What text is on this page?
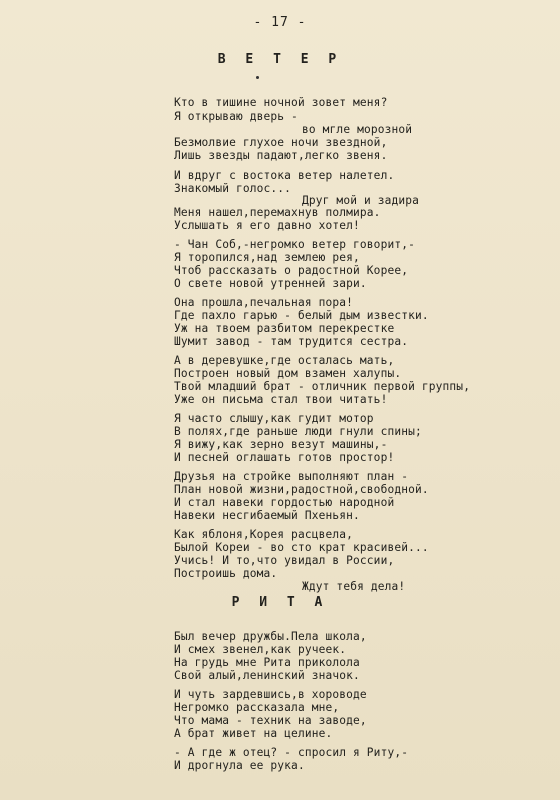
- 17 -
В Е Т Е Р
Кто в тишине ночной зовет меня?
Я открываю дверь -
во мгле морозной
Безмолвие глухое ночи звездной,
Лишь звезды падают,легко звеня.
И вдруг с востока ветер налетел.
Знакомый голос...
Друг мой и задира
Меня нашел,перемахнув полмира.
Услышать я его давно хотел!
- Чан Соб,-негромко ветер говорит,-
Я торопился,над землею рея,
Чтоб рассказать о радостной Корее,
О свете новой утренней зари.
Она прошла,печальная пора!
Где пахло гарью - белый дым известки.
Уж на твоем разбитом перекрестке
Шумит завод - там трудится сестра.
А в деревушке,где осталась мать,
Построен новый дом взамен халупы.
Твой младший брат - отличник первой группы,
Уже он письма стал твои читать!
Я часто слышу,как гудит мотор
В полях,где раньше люди гнули спины;
Я вижу,как зерно везут машины,-
И песней оглашать готов простор!
Друзья на стройке выполняют план -
План новой жизни,радостной,свободной.
И стал навеки гордостью народной
Навеки несгибаемый Пхеньян.
Как яблоня,Корея расцвела,
Былой Кореи - во сто крат красивей...
Учись! И то,что увидал в России,
Построишь дома.
Ждут тебя дела!
Р И Т А
Был вечер дружбы.Пела школа,
И смех звенел,как ручеек.
На грудь мне Рита приколола
Свой алый,ленинский значок.
И чуть зардевшись,в хороводе
Негромко рассказала мне,
Что мама - техник на заводе,
А брат живет на целине.
- А где ж отец? - спросил я Риту,-
И дрогнула ее рука.
